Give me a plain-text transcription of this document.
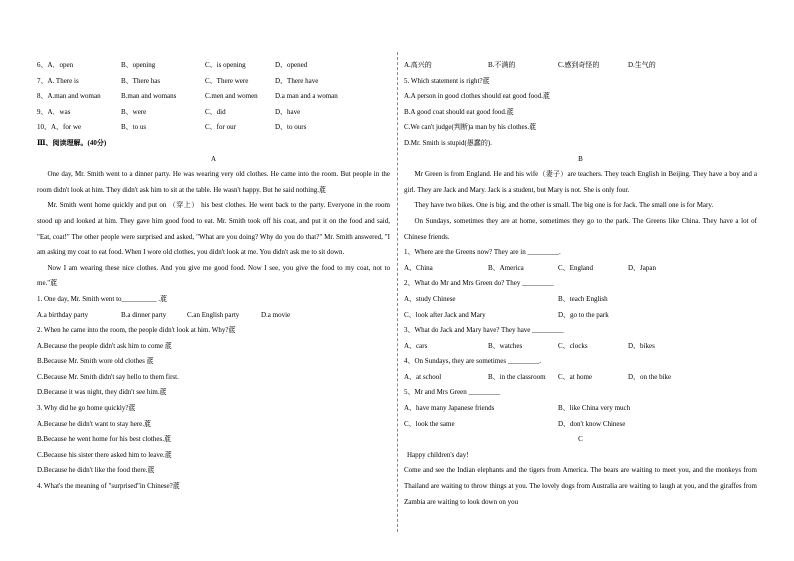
6、A．open	B、opening	C、is opening	D、opened
7、A. There is	B、There has	C、There were	D、There have
8、A.man and woman	B.man and womans	C.men and women D.a man and a woman
9、A．was	B、were	C、did	D、have
10、A、for we	B、to us	C、for our	D、to ours
Ⅲ、阅读理解。(40分)
A
One day, Mr. Smith went to a dinner party. He was wearing very old clothes. He came into the room. But people in the room didn't look at him. They didn't ask him to sit at the table. He wasn't happy. But he said nothing.菧
Mr. Smith went home quickly and put on （穿上） his best clothes. He went back to the party. Everyone in the room stood up and looked at him. They gave him good food to eat. Mr. Smith took off his coat, and put it on the food and said, "Eat, coat!" The other people were surprised and asked, "What are you doing? Why do you do that?" Mr. Smith answered, "I am asking my coat to eat food. When I wore old clothes, you didn't look at me. You didn't ask me to sit down.
Now I am wearing these nice clothes. And you give me good food. Now I see, you give the food to my coat, not to me."菧
1. One day, Mr. Smith went to__________ .菧
A.a birthday party	B.a dinner party	C.an English party	D.a movie
2. When he came into the room, the people didn't look at him. Why?菧
A.Because the people didn't ask him to come 菧
B.Because Mr. Smith wore old clothes 菧
C.Because Mr. Smith didn't say hello to them first.
D.Because it was night, they didn't see him.菧
3. Why did he go home quickly?菧
A.Because he didn't want to stay here.菧
B.Because he went home for his best clothes.菧
C.Because his sister there asked him to leave.菧
D.Because he didn't like the food there.菧
4. What's the meaning of "surprised"in Chinese?菧
A.高兴的	B.不满的	C.感到奇怪的	D.生气的
5. Which statement is right?菧
A.A person in good clothes should eat good food.菧
B.A good coat should eat good food.菧
C.We can't judge(判断)a man by his clothes.菧
D.Mr. Smith is stupid(愚蠢的).
B
Mr Green is from England. He and his wife（妻子）are teachers. They teach English in Beijing. They have a boy and a girl. They are Jack and Mary. Jack is a student, but Mary is not. She is only four.
They have two bikes. One is big, and the other is small. The big one is for Jack. The small one is for Mary.
On Sundays, sometimes they are at home, sometimes they go to the park. The Greens like China. They have a lot of Chinese friends.
1、Where are the Greens now? They are in _________.
A、China	B、America	C、England	D、Japan
2、What do Mr and Mrs Green do? They _________
A、study Chinese	B、teach English
C、look after Jack and Mary	D、go to the park
3、What do Jack and Mary have? They have _________
A、cars	B、watches	C、clocks	D、bikes
4、On Sundays, they are sometimes _________.
A、at school	B、in the classroom C、at home	D、on the bike
5、Mr and Mrs Green _________
A、have many Japanese friends	B、like China very much
C、look the same	D、don't know Chinese
C
Happy children's day!
Come and see the Indian elephants and the tigers from America. The bears are waiting to meet you, and the monkeys from Thailand are waiting to throw things at you. The lovely dogs from Australia are waiting to laugh at you, and the giraffes from Zambia are waiting to look down on you
